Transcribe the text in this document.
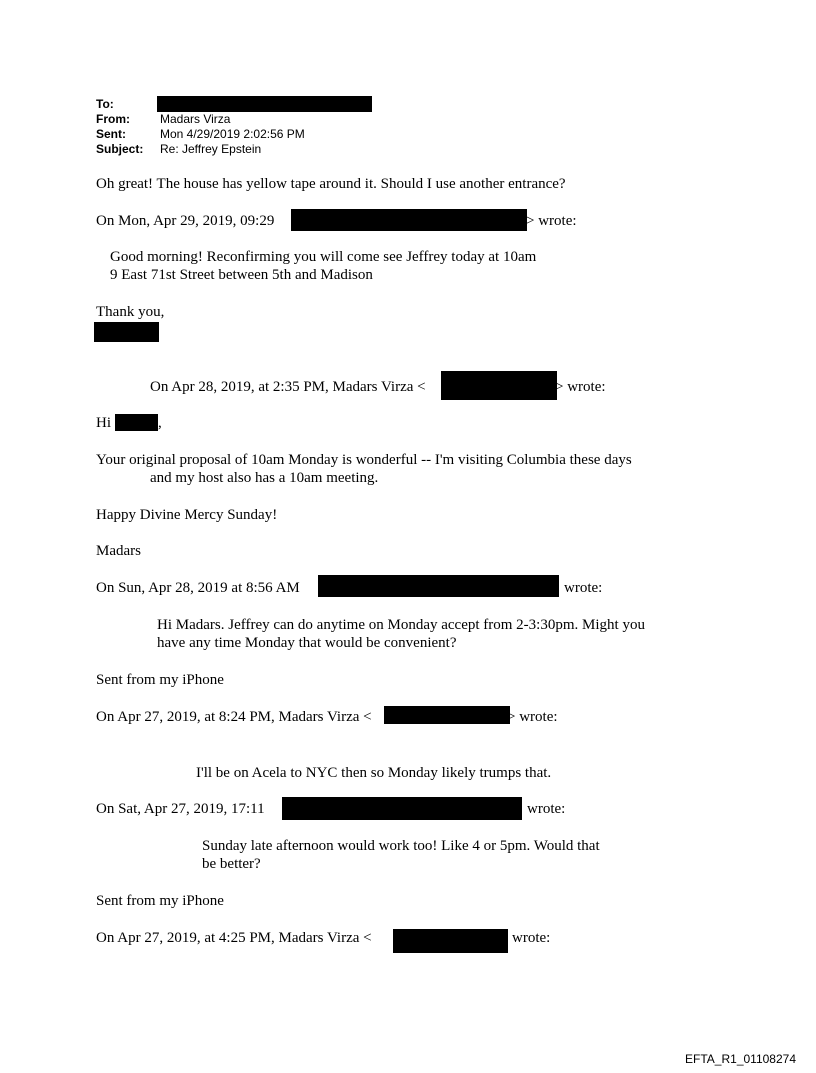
To:
From:	Madars Virza
Sent:	Mon 4/29/2019 2:02:56 PM
Subject: Re: Jeffrey Epstein
Oh great! The house has yellow tape around it. Should I use another entrance?
On Mon, Apr 29, 2019, 09:29	> wrote:
Good morning! Reconfirming you will come see Jeffrey today at 10am
9 East 71st Street between 5th and Madison
Thank you,
On Apr 28, 2019, at 2:35 PM, Madars Virza <	> wrote:
Hi	,
Your original proposal of 10am Monday is wonderful -- I'm visiting Columbia these days
and my host also has a 10am meeting.
Happy Divine Mercy Sunday!
Madars
On Sun, Apr 28, 2019 at 8:56 AM	wrote:
Hi Madars. Jeffrey can do anytime on Monday accept from 2-3:30pm. Might you
have any time Monday that would be convenient?
Sent from my iPhone
On Apr 27, 2019, at 8:24 PM, Madars Virza <	> wrote:
I'll be on Acela to NYC then so Monday likely trumps that.
On Sat, Apr 27, 2019, 17:11	wrote:
Sunday late afternoon would work too! Like 4 or 5pm. Would that
be better?
Sent from my iPhone
On Apr 27, 2019, at 4:25 PM, Madars Virza <	wrote:
EFTA_R1_01108274
